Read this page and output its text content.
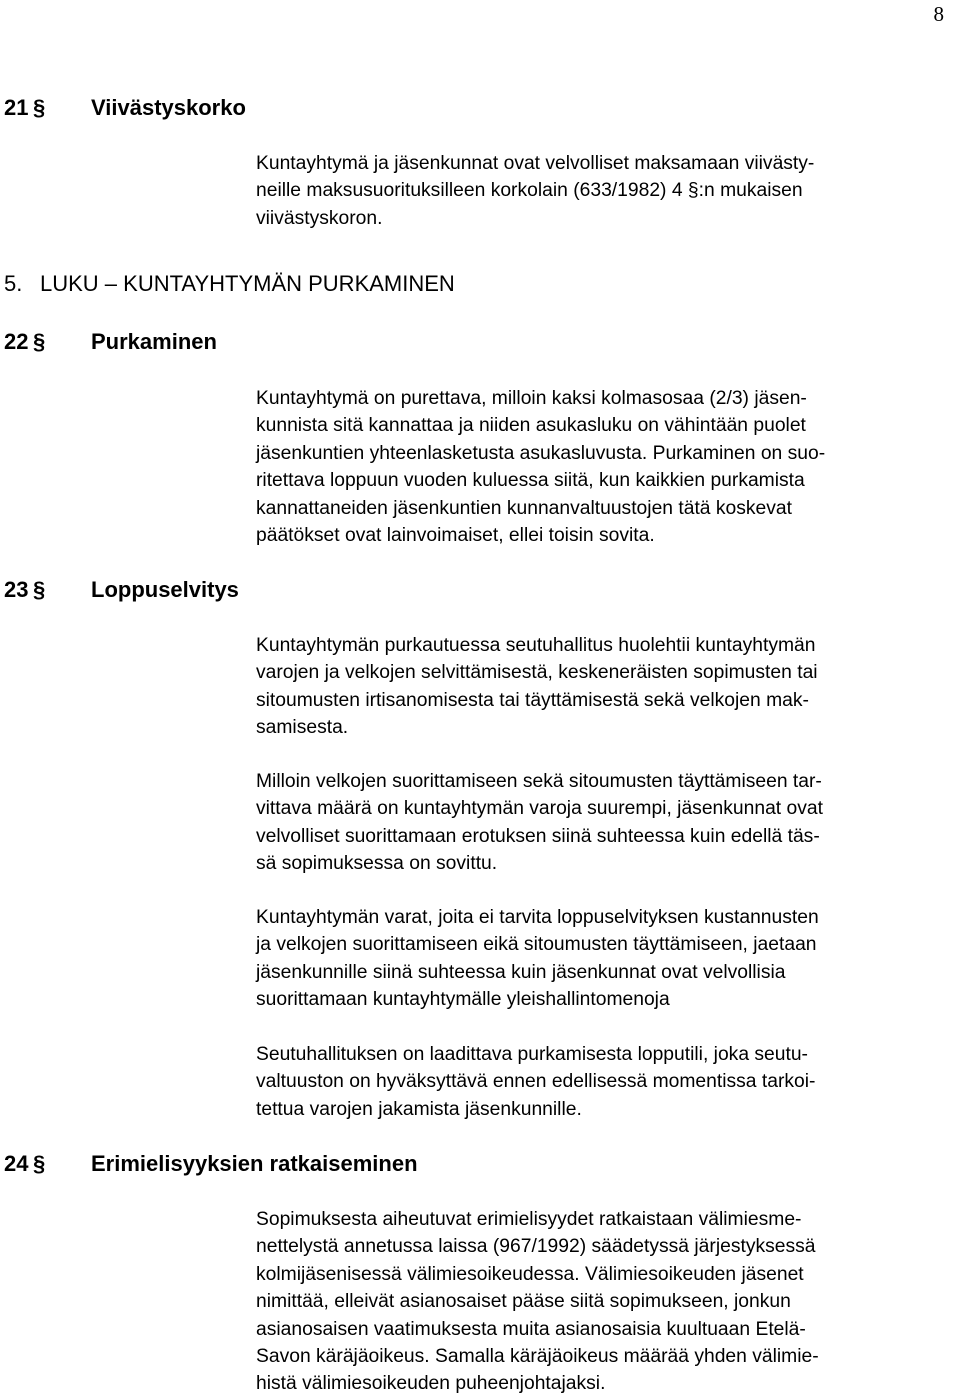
8
21 § Viivästyskorko

Kuntayhtymä ja jäsenkunnat ovat velvolliset maksamaan viivästy-
neille maksusuorituksilleen korkolain (633/1982) 4 §:n mukaisen
viivästyskoron.

5. LUKU – KUNTAYHTYMÄN PURKAMINEN
22 § Purkaminen

Kuntayhtymä on purettava, milloin kaksi kolmasosaa (2/3) jäsen-
kunnista sitä kannattaa ja niiden asukasluku on vähintään puolet
jäsenkuntien yhteenlasketusta asukasluvusta. Purkaminen on suo-
ritettava loppuun vuoden kuluessa siitä, kun kaikkien purkamista
kannattaneiden jäsenkuntien kunnanvaltuustojen tätä koskevat
päätökset ovat lainvoimaiset, ellei toisin sovita.

23 § Loppuselvitys

Kuntayhtymän purkautuessa seutuhallitus huolehtii kuntayhtymän
varojen ja velkojen selvittämisestä, keskeneräisten sopimusten tai
sitoumusten irtisanomisesta tai täyttämisestä sekä velkojen mak-
samisesta.

Milloin velkojen suorittamiseen sekä sitoumusten täyttämiseen tar-
vittava määrä on kuntayhtymän varoja suurempi, jäsenkunnat ovat
velvolliset suorittamaan erotuksen siinä suhteessa kuin edellä täs-
sä sopimuksessa on sovittu.

Kuntayhtymän varat, joita ei tarvita loppuselvityksen kustannusten
ja velkojen suorittamiseen eikä sitoumusten täyttämiseen, jaetaan
jäsenkunnille siinä suhteessa kuin jäsenkunnat ovat velvollisia
suorittamaan kuntayhtymälle yleishallintomenoja

Seutuhallituksen on laadittava purkamisesta lopputili, joka seutu-
valtuuston on hyväksyttävä ennen edellisessä momentissa tarkoi-
tettua varojen jakamista jäsenkunnille.

24 § Erimielisyyksien ratkaiseminen

Sopimuksesta aiheutuvat erimielisyydet ratkaistaan välimiesme-
nettelystä annetussa laissa (967/1992) säädetyssä järjestyksessä
kolmijäsenisessä välimiesoikeudessa. Välimiesoikeuden jäsenet
nimittää, elleivät asianosaiset pääse siitä sopimukseen, jonkun
asianosaisen vaatimuksesta muita asianosaisia kuultuaan Etelä-
Savon käräjäoikeus. Samalla käräjäoikeus määrää yhden välimie-
histä välimiesoikeuden puheenjohtajaksi.
